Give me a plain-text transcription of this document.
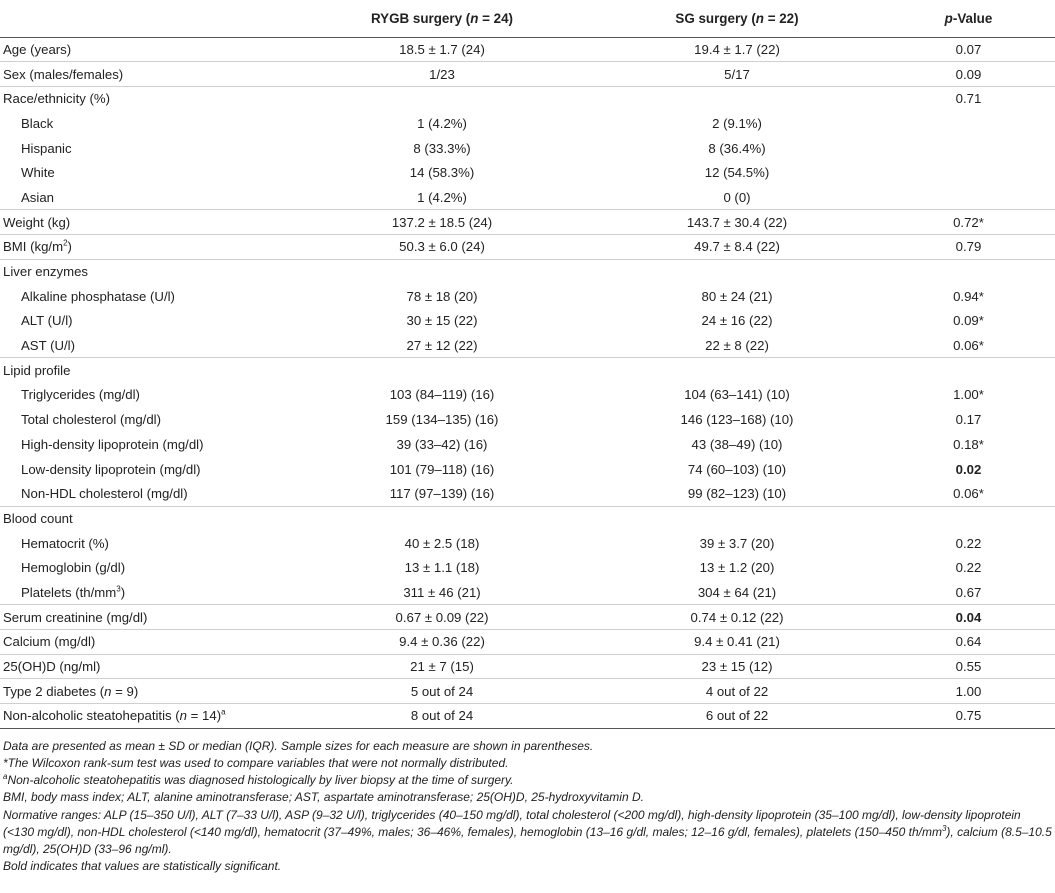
	RYGB surgery (n = 24)	SG surgery (n = 22)	p-Value
Age (years)	18.5 ± 1.7 (24)	19.4 ± 1.7 (22)	0.07
Sex (males/females)	1/23	5/17	0.09
Race/ethnicity (%)			0.71
Black	1 (4.2%)	2 (9.1%)	
Hispanic	8 (33.3%)	8 (36.4%)	
White	14 (58.3%)	12 (54.5%)	
Asian	1 (4.2%)	0 (0)	
Weight (kg)	137.2 ± 18.5 (24)	143.7 ± 30.4 (22)	0.72*
BMI $(kg/m^2)$	50.3 ± 6.0 (24)	49.7 ± 8.4 (22)	0.79
Liver enzymes			
Alkaline phosphatase (U/l)	78 ± 18 (20)	80 ± 24 (21)	0.94*
ALT (U/l)	30 ± 15 (22)	24 ± 16 (22)	0.09*
AST (U/l)	27 ± 12 (22)	22 ± 8 (22)	0.06*
Lipid profile			
Triglycerides (mg/dl)	103 (84–119) (16)	104 (63–141) (10)	1.00*
Total cholesterol (mg/dl)	159 (134–135) (16)	146 (123–168) (10)	0.17
High-density lipoprotein (mg/dl)	39 (33–42) (16)	43 (38–49) (10)	0.18*
Low-density lipoprotein (mg/dl)	101 (79–118) (16)	74 (60–103) (10)	0.02
Non-HDL cholesterol (mg/dl)	117 (97–139) (16)	99 (82–123) (10)	0.06*
Blood count			
Hematocrit (%)	40 ± 2.5 (18)	39 ± 3.7 (20)	0.22
Hemoglobin (g/dl)	13 ± 1.1 (18)	13 ± 1.2 (20)	0.22
Platelets $(th/mm^3)$	311 ± 46 (21)	304 ± 64 (21)	0.67
Serum creatinine (mg/dl)	0.67 ± 0.09 (22)	0.74 ± 0.12 (22)	0.04
Calcium (mg/dl)	9.4 ± 0.36 (22)	9.4 ± 0.41 (21)	0.64
25(OH)D (ng/ml)	21 ± 7 (15)	23 ± 15 (12)	0.55
Type 2 diabetes (n = 9)	5 out of 24	4 out of 22	1.00
Non-alcoholic steatohepatitis (n = 14)$^a$	8 out of 24	6 out of 22	0.75

Data are presented as mean ± SD or median (IQR). Sample sizes for each measure are shown in parentheses.

*The Wilcoxon rank-sum test was used to compare variables that were not normally distributed.

$^a$Non-alcoholic steatohepatitis was diagnosed histologically by liver biopsy at the time of surgery.

BMI, body mass index; ALT, alanine aminotransferase; AST, aspartate aminotransferase; 25(OH)D, 25-hydroxyvitamin D.

Normative ranges: ALP (15–350 U/l), ALT (7–33 U/l), ASP (9–32 U/l), triglycerides (40–150 mg/dl), total cholesterol (<200 mg/dl), high-density lipoprotein (35–100 mg/dl), low-density lipoprotein (<130 mg/dl), non-HDL cholesterol (<140 mg/dl), hematocrit (37–49%, males; 36–46%, females), hemoglobin (13–16 g/dl, males; 12–16 g/dl, females), platelets (150–450 $th/mm^3$), calcium (8.5–10.5 mg/dl), 25(OH)D (33–96 ng/ml).

Bold indicates that values are statistically significant.
